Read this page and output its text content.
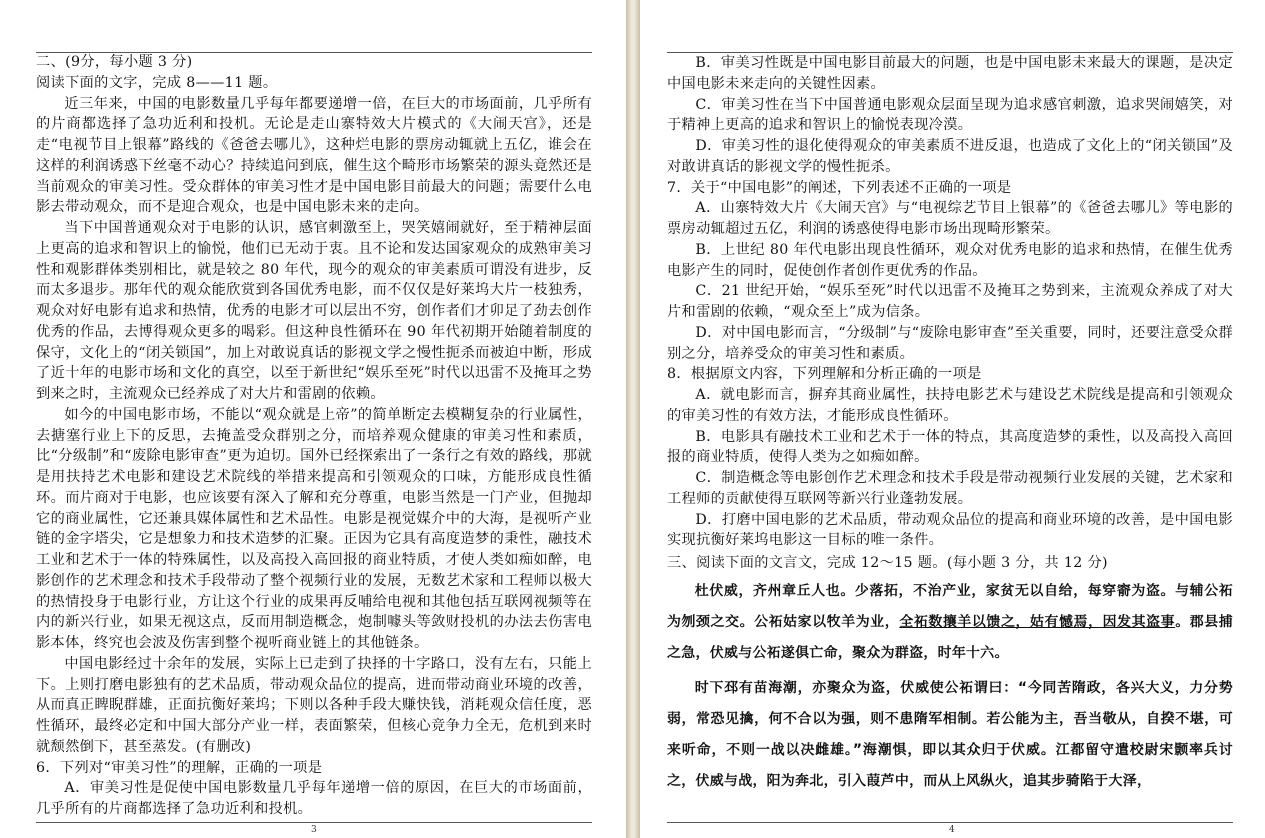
二、(9分，每小题 3 分)

阅读下面的文字，完成 8——11 题。

近三年来，中国的电影数量几乎每年都要递增一倍，在巨大的市场面前，几乎所有的片商都选择了急功近利和投机。无论是走山寨特效大片模式的《大闹天宫》，还是走“电视节目上银幕”路线的《爸爸去哪儿》，这种烂电影的票房动辄就上五亿，谁会在这样的利润诱惑下丝毫不动心？持续追问到底，催生这个畸形市场繁荣的源头竟然还是当前观众的审美习性。受众群体的审美习性才是中国电影目前最大的问题；需要什么电影去带动观众，而不是迎合观众，也是中国电影未来的走向。

当下中国普通观众对于电影的认识，感官刺激至上，哭笑嬉闹就好，至于精神层面上更高的追求和智识上的愉悦，他们已无动于衷。且不论和发达国家观众的成熟审美习性和观影群体类别相比，就是较之 80 年代，现今的观众的审美素质可谓没有进步，反而太多退步。那年代的观众能欣赏到各国优秀电影，而不仅仅是好莱坞大片一枝独秀，观众对好电影有追求和热情，优秀的电影才可以层出不穷，创作者们才卯足了劲去创作优秀的作品，去博得观众更多的喝彩。但这种良性循环在 90 年代初期开始随着制度的保守，文化上的“闭关锁国”，加上对敢说真话的影视文学之慢性扼杀而被迫中断，形成了近十年的电影市场和文化的真空，以至于新世纪“娱乐至死”时代以迅雷不及掩耳之势到来之时，主流观众已经养成了对大片和雷剧的依赖。

如今的中国电影市场，不能以“观众就是上帝”的简单断定去模糊复杂的行业属性，去搪塞行业上下的反思，去掩盖受众群别之分，而培养观众健康的审美习性和素质，比“分级制”和“废除电影审查”更为迫切。国外已经探索出了一条行之有效的路线，那就是用扶持艺术电影和建设艺术院线的举措来提高和引领观众的口味，方能形成良性循环。而片商对于电影，也应该要有深入了解和充分尊重，电影当然是一门产业，但抛却它的商业属性，它还兼具媒体属性和艺术品性。电影是视觉媒介中的大海，是视听产业链的金字塔尖，它是想象力和技术造梦的汇聚。正因为它具有高度造梦的秉性，融技术工业和艺术于一体的特殊属性，以及高投入高回报的商业特质，才使人类如痴如醉，电影创作的艺术理念和技术手段带动了整个视频行业的发展，无数艺术家和工程师以极大的热情投身于电影行业，方让这个行业的成果再反哺给电视和其他包括互联网视频等在内的新兴行业，如果无视这点，反而用制造概念，炮制噱头等敛财投机的办法去伤害电影本体，终究也会波及伤害到整个视听商业链上的其他链条。

中国电影经过十余年的发展，实际上已走到了抉择的十字路口，没有左右，只能上下。上则打磨电影独有的艺术品质，带动观众品位的提高，进而带动商业环境的改善，从而真正睥睨群雄，正面抗衡好莱坞；下则以各种手段大赚快钱，消耗观众信任度，恶性循环，最终必定和中国大部分产业一样，表面繁荣，但核心竞争力全无，危机到来时就颓然倒下，甚至蒸发。(有删改)

6．下列对“审美习性”的理解，正确的一项是

A．审美习性是促使中国电影数量几乎每年递增一倍的原因，在巨大的市场面前，几乎所有的片商都选择了急功近利和投机。

3

B．审美习性既是中国电影目前最大的问题，也是中国电影未来最大的课题，是决定中国电影未来走向的关键性因素。

C．审美习性在当下中国普通电影观众层面呈现为追求感官刺激，追求哭闹嬉笑，对于精神上更高的追求和智识上的愉悦表现冷漠。

D．审美习性的退化使得观众的审美素质不进反退，也造成了文化上的“闭关锁国”及对敢讲真话的影视文学的慢性扼杀。

7．关于“中国电影”的阐述，下列表述不正确的一项是

A．山寨特效大片《大闹天宫》与“电视综艺节目上银幕”的《爸爸去哪儿》等电影的票房动辄超过五亿，利润的诱惑使得电影市场出现畸形繁荣。

B．上世纪 80 年代电影出现良性循环，观众对优秀电影的追求和热情，在催生优秀电影产生的同时，促使创作者创作更优秀的作品。

C．21 世纪开始，“娱乐至死”时代以迅雷不及掩耳之势到来，主流观众养成了对大片和雷剧的依赖，“观众至上”成为信条。

D．对中国电影而言，“分级制”与“废除电影审查”至关重要，同时，还要注意受众群别之分，培养受众的审美习性和素质。

8．根据原文内容，下列理解和分析正确的一项是

A．就电影而言，摒弃其商业属性，扶持电影艺术与建设艺术院线是提高和引领观众的审美习性的有效方法，才能形成良性循环。

B．电影具有融技术工业和艺术于一体的特点，其高度造梦的秉性，以及高投入高回报的商业特质，使得人类为之如痴如醉。

C．制造概念等电影创作艺术理念和技术手段是带动视频行业发展的关键，艺术家和工程师的贡献使得互联网等新兴行业蓬勃发展。

D．打磨中国电影的艺术品质，带动观众品位的提高和商业环境的改善，是中国电影实现抗衡好莱坞电影这一目标的唯一条件。

三、阅读下面的文言文，完成 12～15 题。(每小题 3 分，共 12 分)

杜伏威，齐州章丘人也。少落拓，不治产业，家贫无以自给，每穿窬为盗。与辅公祏为刎颈之交。公祏姑家以牧羊为业，全祏数攘羊以馈之，姑有憾焉，因发其盗事。郡县捕之急，伏威与公祏遂俱亡命，聚众为群盗，时年十六。

时下邳有苗海潮，亦聚众为盗，伏威使公祏谓曰：“今同苦隋政，各兴大义，力分势弱，常恐见擒，何不合以为强，则不患隋军相制。若公能为主，吾当敬从，自揆不堪，可来听命，不则一战以决雌雄。”海潮惧，即以其众归于伏威。江都留守遣校尉宋颢率兵讨之，伏威与战，阳为奔北，引入葭芦中，而从上风纵火，追其步骑陷于大泽，

4
